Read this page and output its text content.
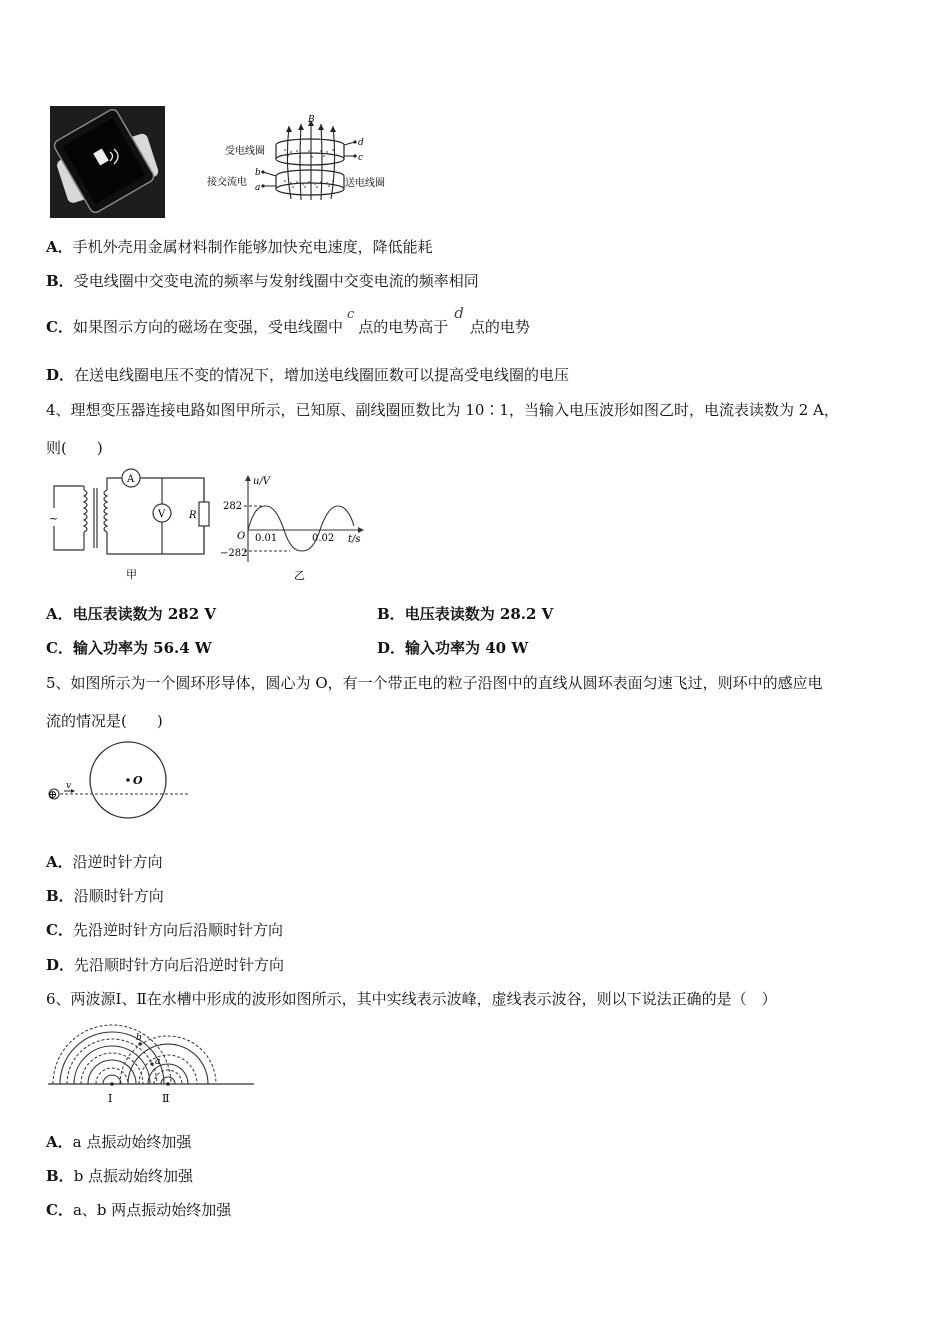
B
d
c
b
a
受电线圈
接交流电	送电线圈
A．手机外壳用金属材料制作能够加快充电速度，降低能耗
B．受电线圈中交变电流的频率与发射线圈中交变电流的频率相同
C．如果图示方向的磁场在变强，受电线圈中c点的电势高于d点的电势
D．在送电线圈电压不变的情况下，增加送电线圈匝数可以提高受电线圈的电压
4、理想变压器连接电路如图甲所示，已知原、副线圈匝数比为 10∶1，当输入电压波形如图乙时，电流表读数为 2 A，
则(　　)
~
A
V R
甲
u/V
t/s
O
282
−282
0.01	0.02
乙
A．电压表读数为 282 V	B．电压表读数为 28.2 V
C．输入功率为 56.4 W	D．输入功率为 40 W
5、如图所示为一个圆环形导体，圆心为 O，有一个带正电的粒子沿图中的直线从圆环表面匀速飞过，则环中的感应电
流的情况是(　　)
⊕
v	O
A．沿逆时针方向
B．沿顺时针方向
C．先沿逆时针方向后沿顺时针方向
D．先沿顺时针方向后沿逆时针方向
6、两波源Ⅰ、Ⅱ在水槽中形成的波形如图所示，其中实线表示波峰，虚线表示波谷，则以下说法正确的是（　）
a
b
Ⅰ	Ⅱ
A．a 点振动始终加强
B．b 点振动始终加强
C．a、b 两点振动始终加强
